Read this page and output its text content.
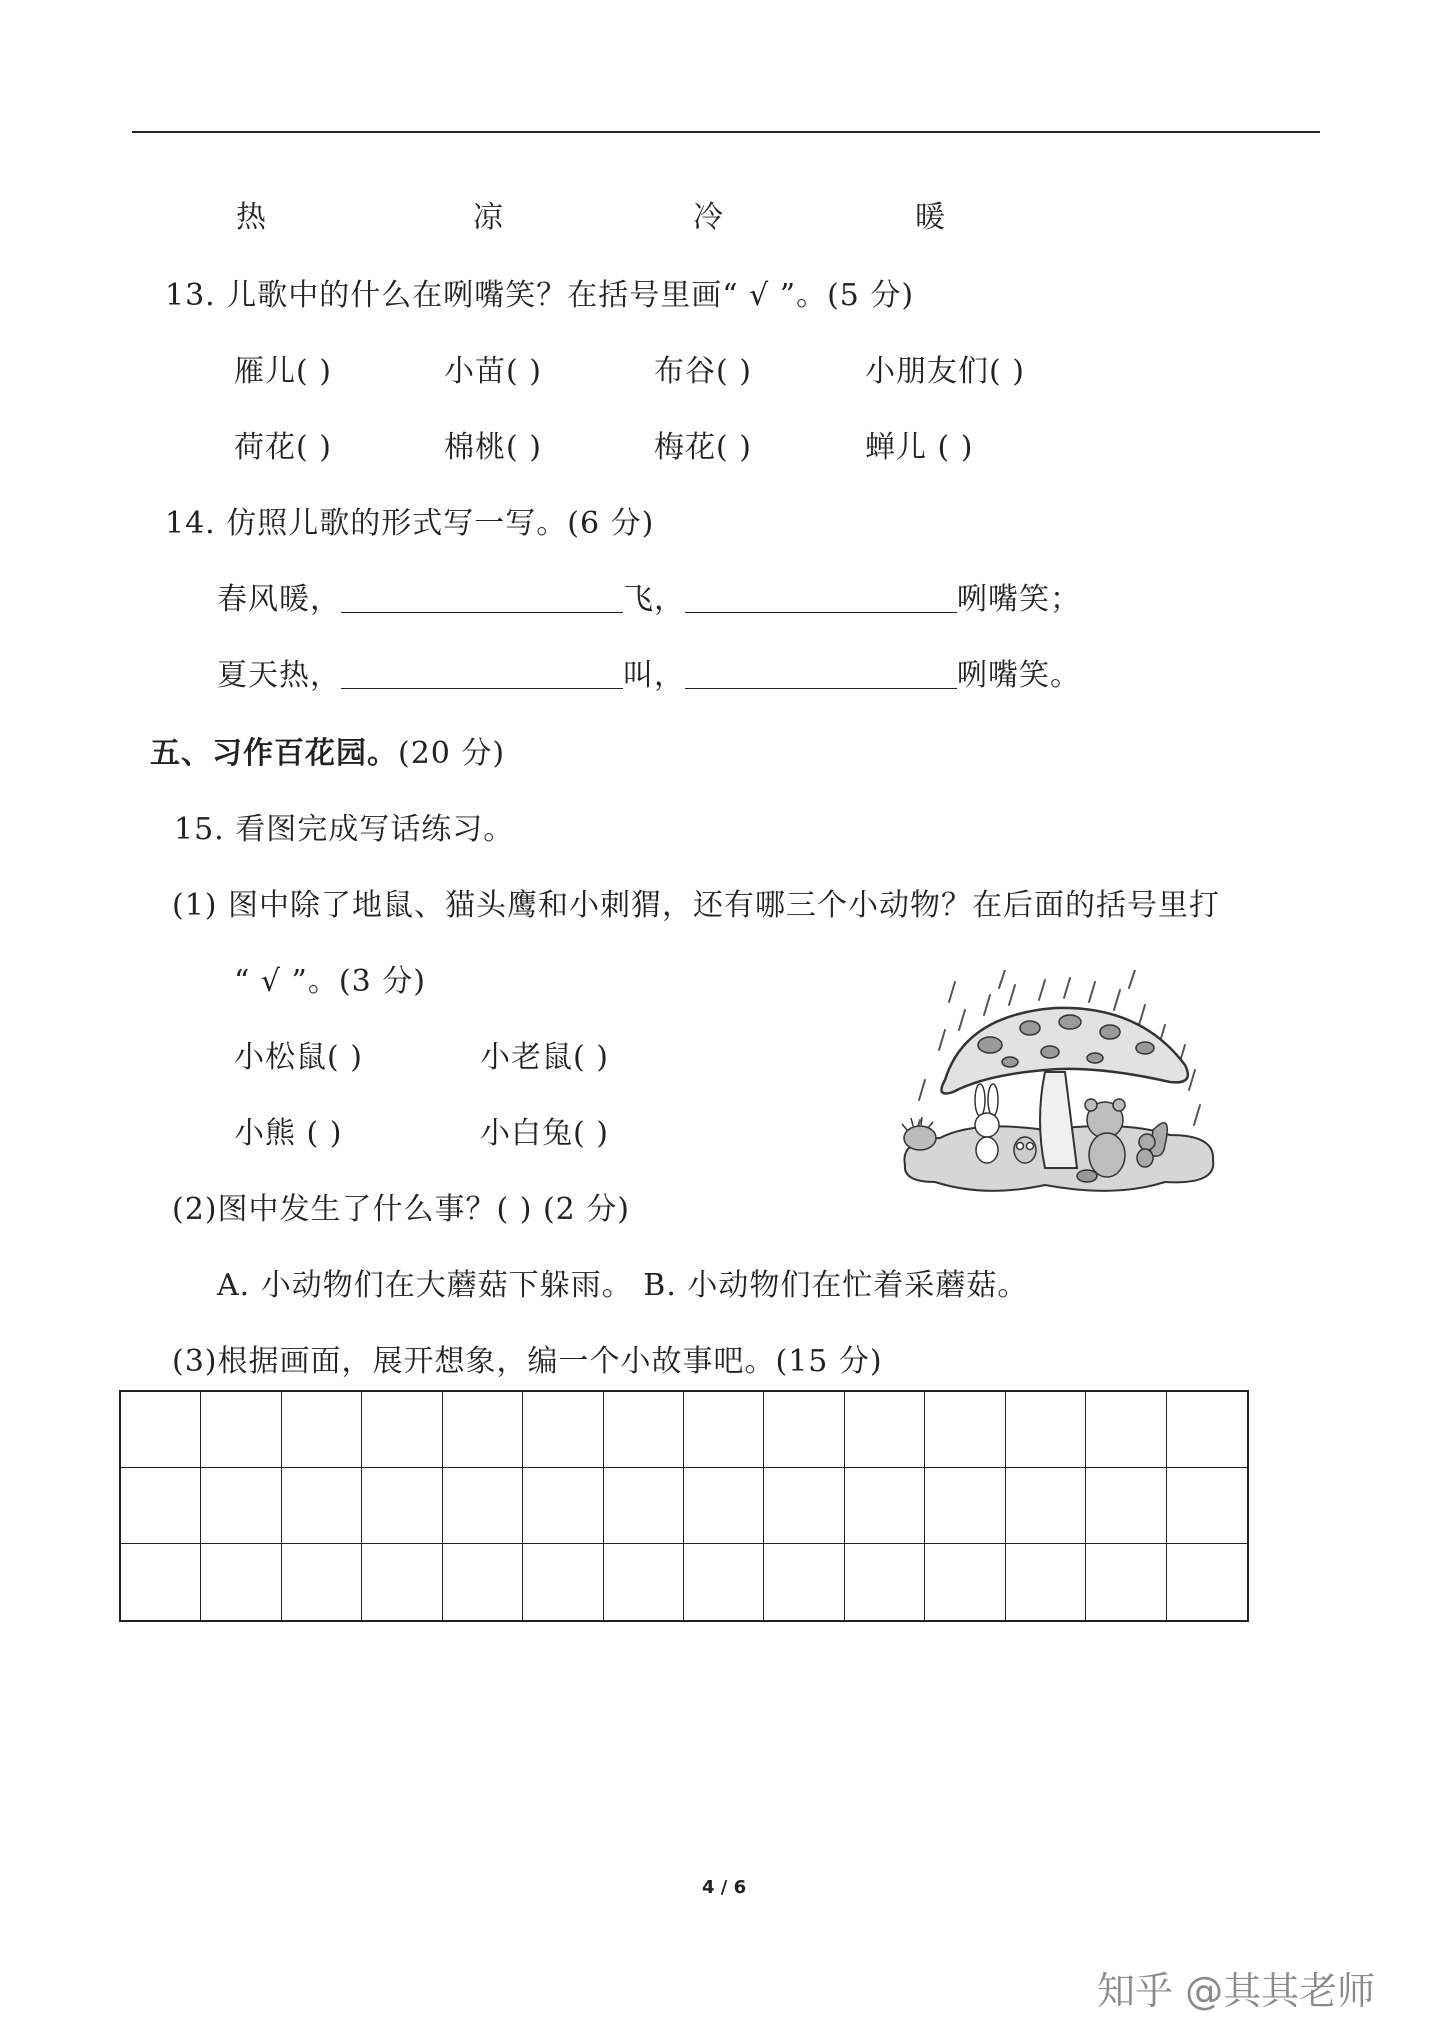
热	凉	冷	暖
13. 儿歌中的什么在咧嘴笑？在括号里画“ √ ”。(5 分)
雁儿( )	小苗( )	布谷( )	小朋友们( )
荷花( )	棉桃( )	梅花( )	蝉儿 ( )
14. 仿照儿歌的形式写一写。(6 分)
春风暖，	飞，	咧嘴笑；
夏天热，	叫，	咧嘴笑。
五、习作百花园。(20 分)
15. 看图完成写话练习。
(1) 图中除了地鼠、猫头鹰和小刺猬，还有哪三个小动物？在后面的括号里打
“ √ ”。(3 分)
小松鼠( )	小老鼠( )
小熊 ( )	小白兔( )
(2)图中发生了什么事？( ) (2 分)
A. 小动物们在大蘑菇下躲雨。 B. 小动物们在忙着采蘑菇。
(3)根据画面，展开想象，编一个小故事吧。(15 分)
4 / 6
知乎 @其其老师
